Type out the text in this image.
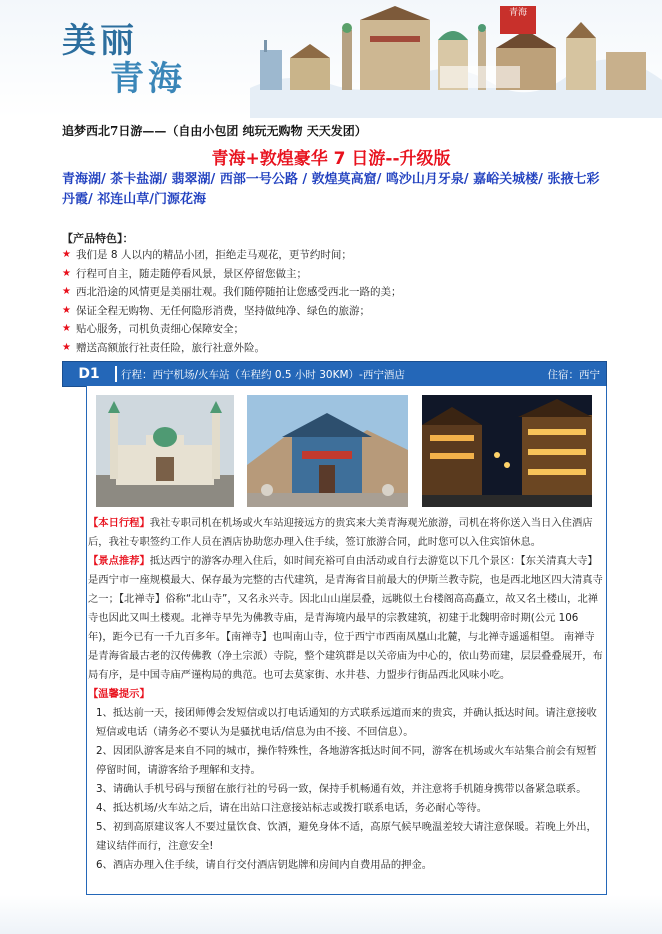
美丽
青海
青海
追梦西北7日游——（自由小包团 纯玩无购物 天天发团）
青海+敦煌豪华 7 日游--升级版
青海湖/ 茶卡盐湖/ 翡翠湖/ 西部一号公路 / 敦煌莫高窟/ 鸣沙山月牙泉/ 嘉峪关城楼/ 张掖七彩丹霞/ 祁连山草/门源花海
【产品特色】：
★ 我们是 8 人以内的精品小团，拒绝走马观花，更节约时间；
★ 行程可自主，随走随停看风景，景区停留您做主；
★ 西北沿途的风情更是美丽壮观。我们随停随拍让您感受西北一路的美；
★ 保证全程无购物、无任何隐形消费，坚持做纯净、绿色的旅游；
★ 贴心服务，司机负责细心保障安全；
★ 赠送高额旅行社责任险，旅行社意外险。
D1	行程：西宁机场/火车站（车程约 0.5 小时 30KM）-西宁酒店	住宿：西宁

【本日行程】我社专职司机在机场或火车站迎接远方的贵宾来大美青海观光旅游，司机在将你送入当日入住酒店后，我社专职签约工作人员在酒店协助您办理入住手续，签订旅游合同，此时您可以入住宾馆休息。

【景点推荐】抵达西宁的游客办理入住后，如时间充裕可自由活动或自行去游览以下几个景区：【东关清真大寺】是西宁市一座规模最大、保存最为完整的古代建筑，是青海省目前最大的伊斯兰教寺院，也是西北地区四大清真寺之一；【北禅寺】俗称“北山寺”，又名永兴寺。因北山山崖层叠，远眺似土台楼阁高高矗立，故又名土楼山，北禅寺也因此又叫土楼观。北禅寺早先为佛教寺庙，是青海境内最早的宗教建筑，初建于北魏明帝时期(公元 106 年)，距今已有一千九百多年。【南禅寺】也叫南山寺，位于西宁市西南凤凰山北麓，与北禅寺遥遥相望。 南禅寺是青海省最古老的汉传佛教（净土宗派）寺院，整个建筑群是以关帝庙为中心的，依山势而建，层层叠叠展开，布局有序，是中国寺庙严谨构局的典范。也可去莫家街、水井巷、力盟步行街品西北风味小吃。

【温馨提示】
1、抵达前一天，接团师傅会发短信或以打电话通知的方式联系远道而来的贵宾，并确认抵达时间。请注意接收短信或电话（请务必不要认为是骚扰电话/信息为由不接、不回信息）。
2、因团队游客是来自不同的城市，操作特殊性，各地游客抵达时间不同，游客在机场或火车站集合前会有短暂停留时间，请游客给予理解和支持。
3、请确认手机号码与预留在旅行社的号码一致，保持手机畅通有效，并注意将手机随身携带以备紧急联系。
4、抵达机场/火车站之后，请在出站口注意接站标志或拨打联系电话，务必耐心等待。
5、初到高原建议客人不要过量饮食、饮酒，避免身体不适，高原气候早晚温差较大请注意保暖。若晚上外出，建议结伴而行，注意安全!
6、酒店办理入住手续，请自行交付酒店钥匙牌和房间内自费用品的押金。
